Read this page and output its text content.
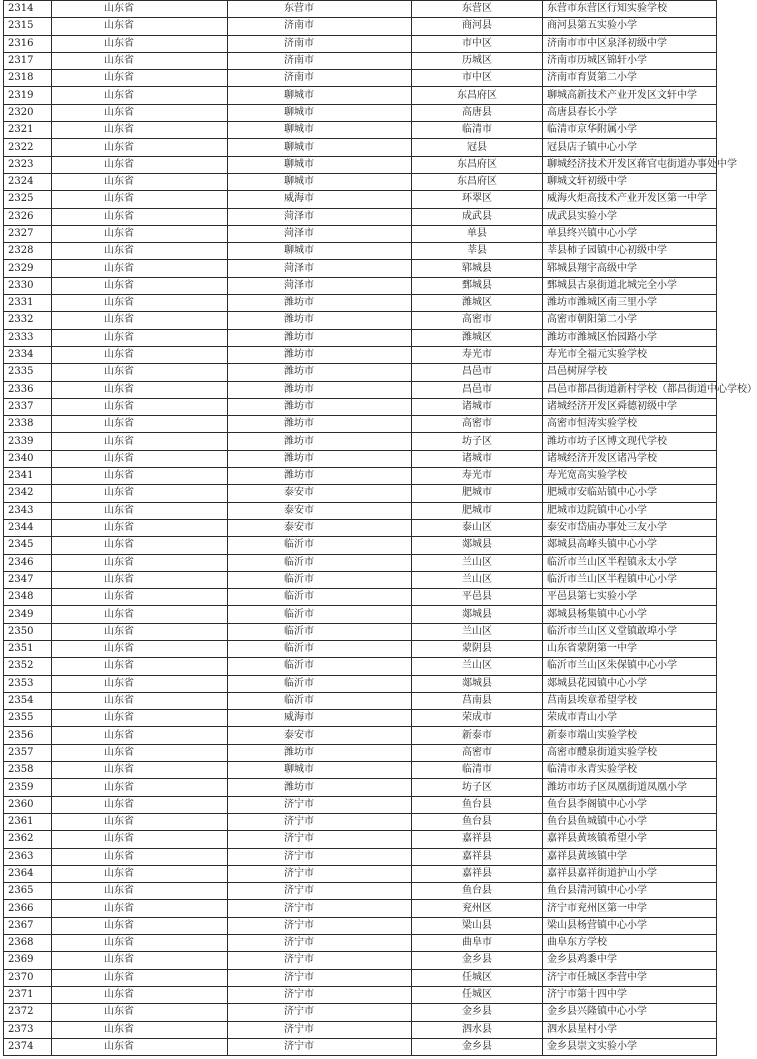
2314	山东省	东营市	东营区	东营市东营区行知实验学校
2315	山东省	济南市	商河县	商河县第五实验小学
2316	山东省	济南市	市中区	济南市市中区泉泽初级中学
2317	山东省	济南市	历城区	济南市历城区锦轩小学
2318	山东省	济南市	市中区	济南市育贤第二小学
2319	山东省	聊城市	东昌府区	聊城高新技术产业开发区文轩中学
2320	山东省	聊城市	高唐县	高唐县春长小学
2321	山东省	聊城市	临清市	临清市京华附属小学
2322	山东省	聊城市	冠县	冠县店子镇中心小学
2323	山东省	聊城市	东昌府区	聊城经济技术开发区蒋官屯街道办事处中学
2324	山东省	聊城市	东昌府区	聊城文轩初级中学
2325	山东省	威海市	环翠区	威海火炬高技术产业开发区第一中学
2326	山东省	菏泽市	成武县	成武县实验小学
2327	山东省	菏泽市	单县	单县终兴镇中心小学
2328	山东省	聊城市	莘县	莘县柿子园镇中心初级中学
2329	山东省	菏泽市	郓城县	郓城县翔宇高级中学
2330	山东省	菏泽市	鄄城县	鄄城县古泉街道北城完全小学
2331	山东省	潍坊市	潍城区	潍坊市潍城区南三里小学
2332	山东省	潍坊市	高密市	高密市朝阳第二小学
2333	山东省	潍坊市	潍城区	潍坊市潍城区怡园路小学
2334	山东省	潍坊市	寿光市	寿光市全福元实验学校
2335	山东省	潍坊市	昌邑市	昌邑树屏学校
2336	山东省	潍坊市	昌邑市	昌邑市都昌街道新村学校（都昌街道中心学校）
2337	山东省	潍坊市	诸城市	诸城经济开发区舜德初级中学
2338	山东省	潍坊市	高密市	高密市恒涛实验学校
2339	山东省	潍坊市	坊子区	潍坊市坊子区博文现代学校
2340	山东省	潍坊市	诸城市	诸城经济开发区诸冯学校
2341	山东省	潍坊市	寿光市	寿光宽高实验学校
2342	山东省	泰安市	肥城市	肥城市安临站镇中心小学
2343	山东省	泰安市	肥城市	肥城市边院镇中心小学
2344	山东省	泰安市	泰山区	泰安市岱庙办事处三友小学
2345	山东省	临沂市	郯城县	郯城县高峰头镇中心小学
2346	山东省	临沂市	兰山区	临沂市兰山区半程镇永太小学
2347	山东省	临沂市	兰山区	临沂市兰山区半程镇中心小学
2348	山东省	临沂市	平邑县	平邑县第七实验小学
2349	山东省	临沂市	郯城县	郯城县杨集镇中心小学
2350	山东省	临沂市	兰山区	临沂市兰山区义堂镇敢埠小学
2351	山东省	临沂市	蒙阴县	山东省蒙阴第一中学
2352	山东省	临沂市	兰山区	临沂市兰山区朱保镇中心小学
2353	山东省	临沂市	郯城县	郯城县花园镇中心小学
2354	山东省	临沂市	莒南县	莒南县埃章希望学校
2355	山东省	威海市	荣成市	荣成市青山小学
2356	山东省	泰安市	新泰市	新泰市端山实验学校
2357	山东省	潍坊市	高密市	高密市醴泉街道实验学校
2358	山东省	聊城市	临清市	临清市永青实验学校
2359	山东省	潍坊市	坊子区	潍坊市坊子区凤凰街道凤凰小学
2360	山东省	济宁市	鱼台县	鱼台县李阁镇中心小学
2361	山东省	济宁市	鱼台县	鱼台县鱼城镇中心小学
2362	山东省	济宁市	嘉祥县	嘉祥县黄垓镇希望小学
2363	山东省	济宁市	嘉祥县	嘉祥县黄垓镇中学
2364	山东省	济宁市	嘉祥县	嘉祥县嘉祥街道护山小学
2365	山东省	济宁市	鱼台县	鱼台县清河镇中心小学
2366	山东省	济宁市	兖州区	济宁市兖州区第一中学
2367	山东省	济宁市	梁山县	梁山县杨营镇中心小学
2368	山东省	济宁市	曲阜市	曲阜东方学校
2369	山东省	济宁市	金乡县	金乡县鸡黍中学
2370	山东省	济宁市	任城区	济宁市任城区李营中学
2371	山东省	济宁市	任城区	济宁市第十四中学
2372	山东省	济宁市	金乡县	金乡县兴隆镇中心小学
2373	山东省	济宁市	泗水县	泗水县星村小学
2374	山东省	济宁市	金乡县	金乡县崇文实验小学
